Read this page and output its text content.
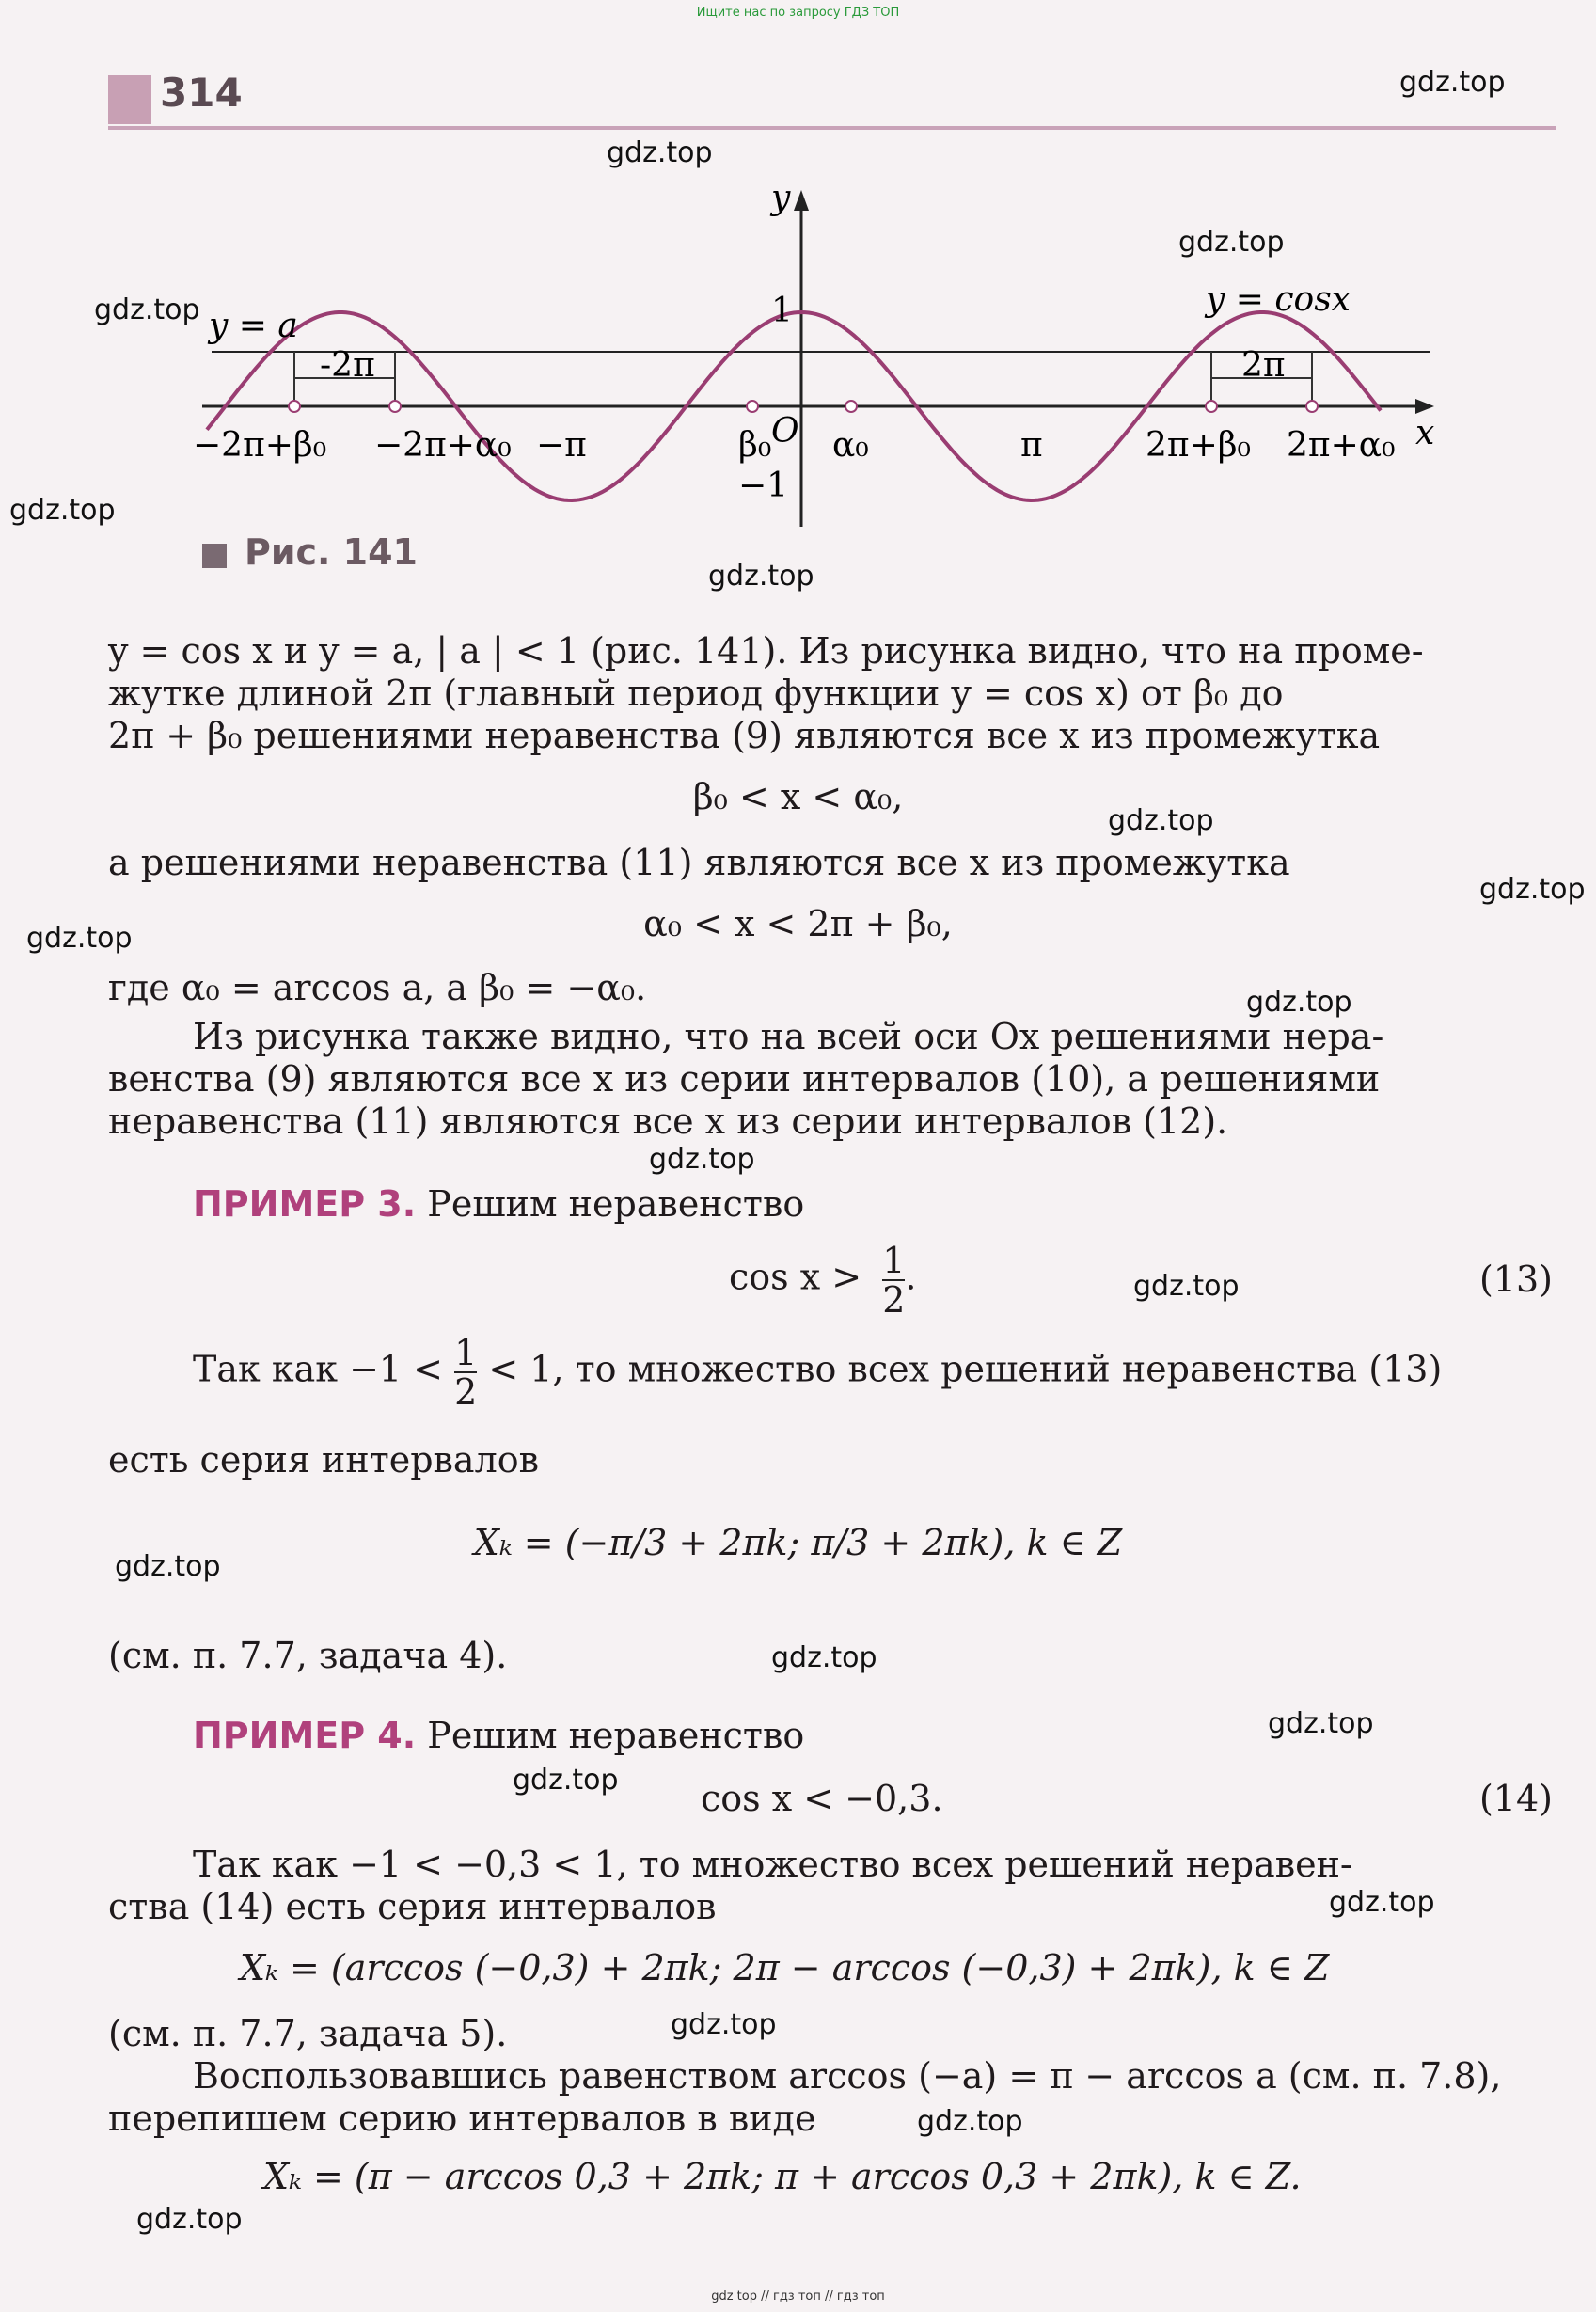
Ищите нас по запросу ГДЗ ТОП
314
y
x
O
1
−1
y = a
y = cosx
-2π	2π
−2π+β₀ −2π+α₀ −π	β₀ α₀	π	2π+β₀ 2π+α₀
Рис. 141
y = cos x и y = a, | a | < 1 (рис. 141). Из рисунка видно, что на проме-
жутке длиной 2π (главный период функции y = cos x) от β₀ до
2π + β₀ решениями неравенства (9) являются все x из промежутка
β₀ < x < α₀,
а решениями неравенства (11) являются все x из промежутка
α₀ < x < 2π + β₀,
где α₀ = arccos a, а β₀ = −α₀.
Из рисунка также видно, что на всей оси Ox решениями нера-
венства (9) являются все x из серии интервалов (10), а решениями
неравенства (11) являются все x из серии интервалов (12).
ПРИМЕР 3. Решим неравенство
$\cos x > \frac{1}{2}$ .	(13)
Так как $-1 < \frac{1}{2} < 1$, то множество всех решений неравенства (13)
есть серия интервалов
Xₖ = (−π/3 + 2πk; π/3 + 2πk), k ∈ Z
(см. п. 7.7, задача 4).
ПРИМЕР 4. Решим неравенство
cos x < −0,3.	(14)
Так как −1 < −0,3 < 1, то множество всех решений неравен-
ства (14) есть серия интервалов
Xₖ = (arccos (−0,3) + 2πk; 2π − arccos (−0,3) + 2πk), k ∈ Z
(см. п. 7.7, задача 5).
Воспользовавшись равенством arccos (−a) = π − arccos a (см. п. 7.8),
перепишем серию интервалов в виде
Xₖ = (π − arccos 0,3 + 2πk; π + arccos 0,3 + 2πk), k ∈ Z.
gdz.top
gdz.top
gdz.top
gdz.top
gdz.top
gdz.top
gdz.top
gdz.top
gdz.top
gdz.top
gdz.top
gdz.top
gdz.top
gdz.top
gdz.top
gdz.top
gdz.top
gdz.top
gdz.top
gdz.top
gdz top // гдз топ // гдз топ
